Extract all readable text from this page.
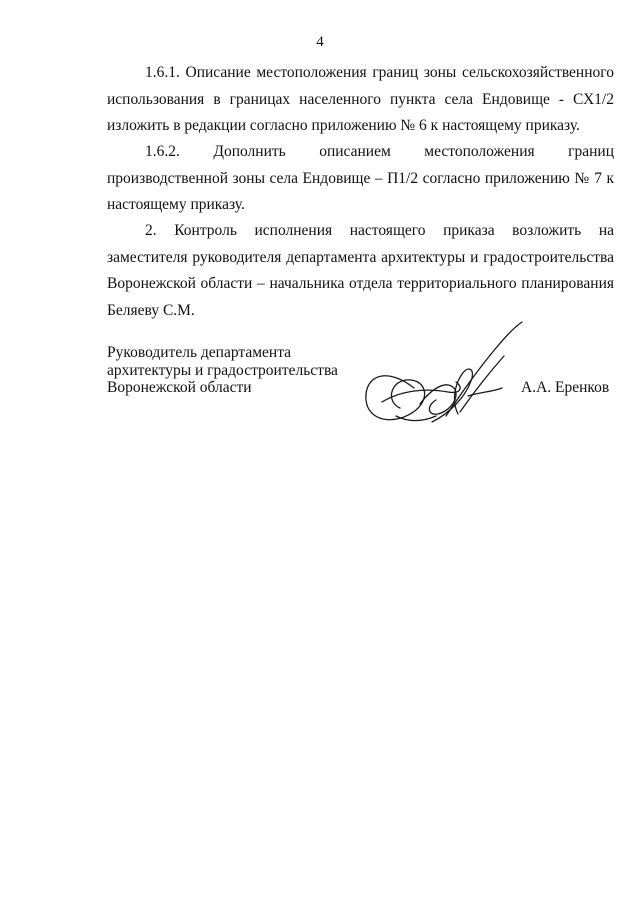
4

1.6.1. Описание местоположения границ зоны сельскохозяйственного использования в границах населенного пункта села Ендовище - СХ1/2 изложить в редакции согласно приложению № 6 к настоящему приказу.

1.6.2. Дополнить описанием местоположения границ производственной зоны села Ендовище – П1/2 согласно приложению № 7 к настоящему приказу.

2. Контроль исполнения настоящего приказа возложить на заместителя руководителя департамента архитектуры и градостроительства Воронежской области – начальника отдела территориального планирования Беляеву С.М.

Руководитель департамента
архитектуры и градостроительства
Воронежской области	А.А. Еренков
